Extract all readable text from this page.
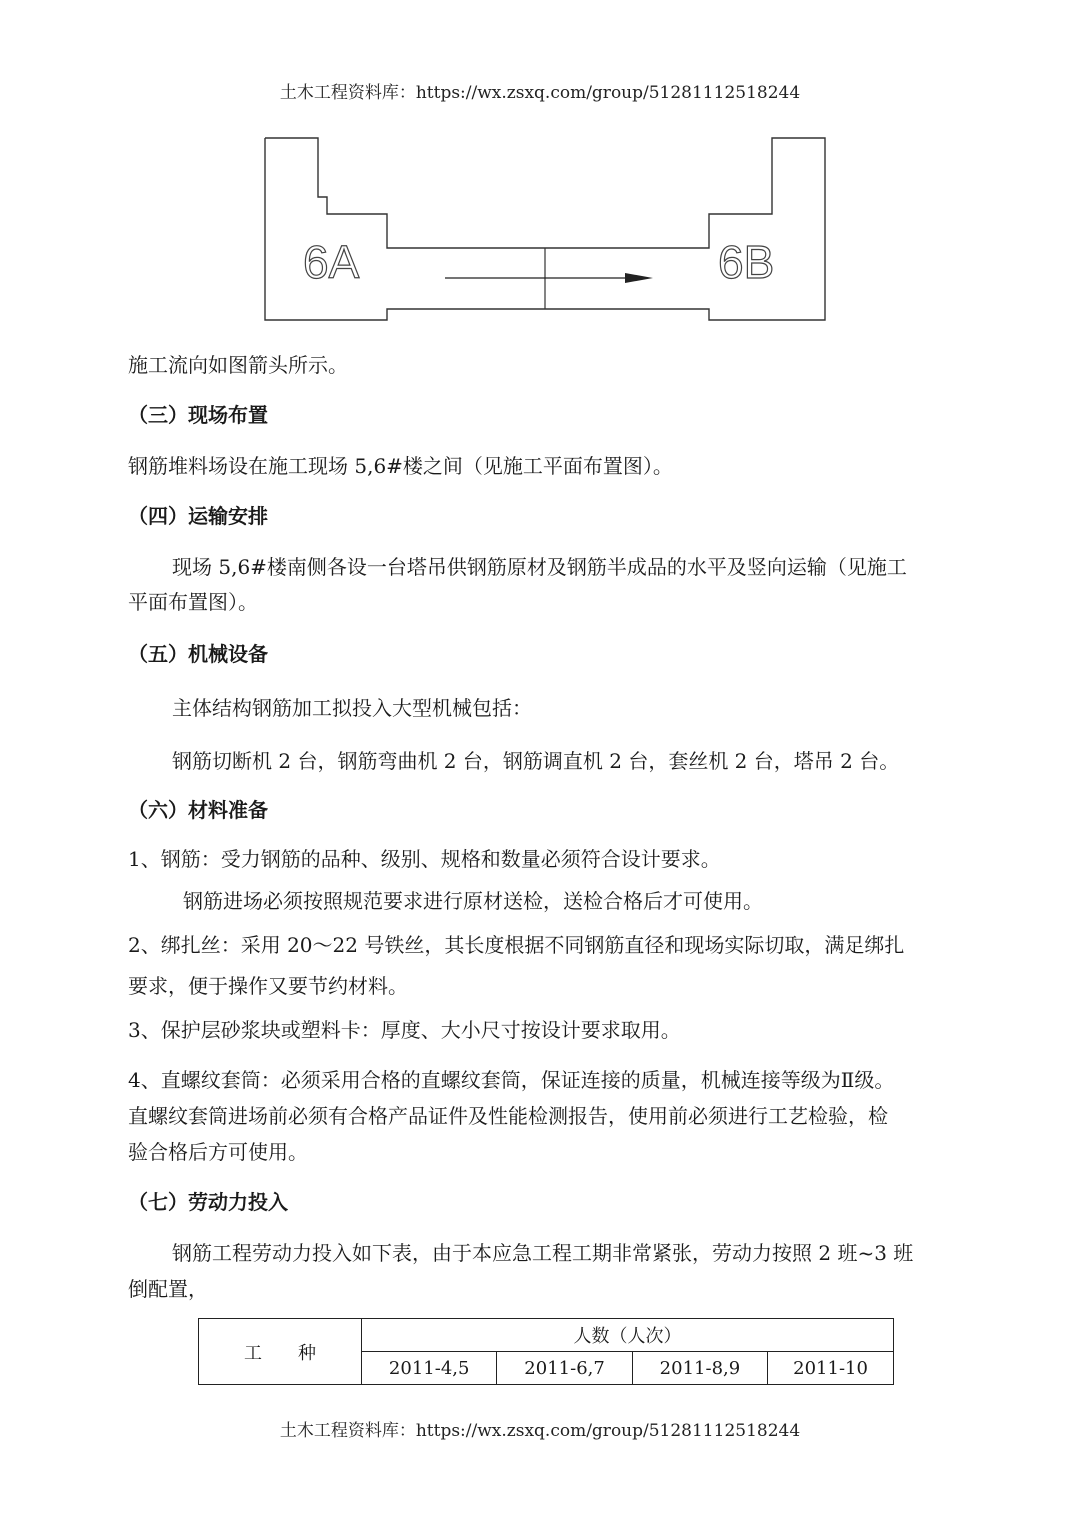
土木工程资料库：https://wx.zsxq.com/group/51281112518244
6A	6B
施工流向如图箭头所示。
（三）现场布置
钢筋堆料场设在施工现场 5,6#楼之间（见施工平面布置图）。
（四）运输安排
现场 5,6#楼南侧各设一台塔吊供钢筋原材及钢筋半成品的水平及竖向运输（见施工
平面布置图）。
（五）机械设备
主体结构钢筋加工拟投入大型机械包括：
钢筋切断机 2 台，钢筋弯曲机 2 台，钢筋调直机 2 台，套丝机 2 台，塔吊 2 台。
（六）材料准备
1、钢筋：受力钢筋的品种、级别、规格和数量必须符合设计要求。
钢筋进场必须按照规范要求进行原材送检，送检合格后才可使用。
2、绑扎丝：采用 20～22 号铁丝，其长度根据不同钢筋直径和现场实际切取，满足绑扎
要求，便于操作又要节约材料。
3、保护层砂浆块或塑料卡：厚度、大小尺寸按设计要求取用。
4、直螺纹套筒：必须采用合格的直螺纹套筒，保证连接的质量，机械连接等级为Ⅱ级。
直螺纹套筒进场前必须有合格产品证件及性能检测报告，使用前必须进行工艺检验，检
验合格后方可使用。
（七）劳动力投入
钢筋工程劳动力投入如下表，由于本应急工程工期非常紧张，劳动力按照 2 班~3 班
倒配置，
工　　种	人数（人次）			
	2011-4,5	2011-6,7	2011-8,9	2011-10
土木工程资料库：https://wx.zsxq.com/group/51281112518244
